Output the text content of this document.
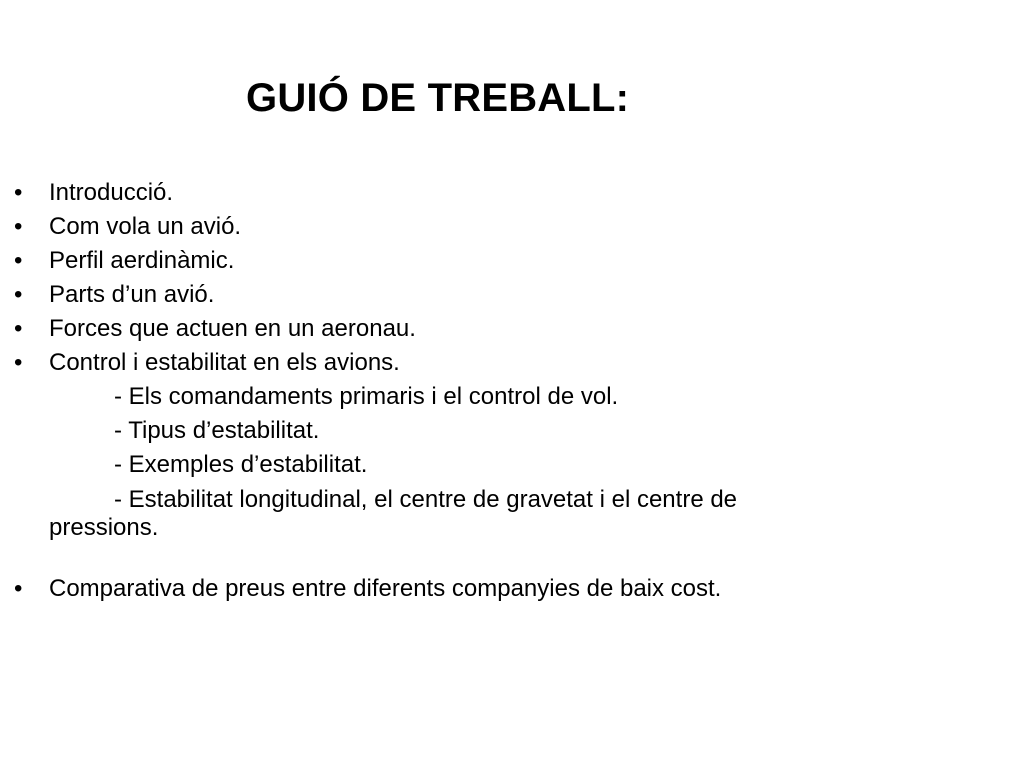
GUIÓ DE TREBALL:
•	Introducció.
•	Com vola un avió.
•	Perfil aerdinàmic.
•	Parts d’un avió.
•	Forces que actuen en un aeronau.
•	Control i estabilitat en els avions.
- Els comandaments primaris i el control de vol.
- Tipus d’estabilitat.
- Exemples d’estabilitat.
- Estabilitat longitudinal, el centre de gravetat i el centre de
pressions.
•	Comparativa de preus entre diferents companyies de baix cost.
